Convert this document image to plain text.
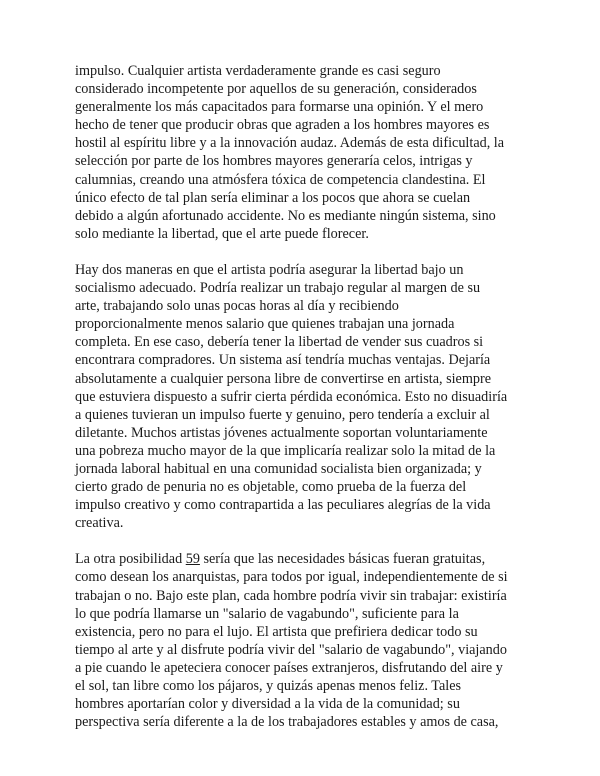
impulso. Cualquier artista verdaderamente grande es casi seguro
considerado incompetente por aquellos de su generación, considerados
generalmente los más capacitados para formarse una opinión. Y el mero
hecho de tener que producir obras que agraden a los hombres mayores es
hostil al espíritu libre y a la innovación audaz. Además de esta dificultad, la
selección por parte de los hombres mayores generaría celos, intrigas y
calumnias, creando una atmósfera tóxica de competencia clandestina. El
único efecto de tal plan sería eliminar a los pocos que ahora se cuelan
debido a algún afortunado accidente. No es mediante ningún sistema, sino
solo mediante la libertad, que el arte puede florecer.

Hay dos maneras en que el artista podría asegurar la libertad bajo un
socialismo adecuado. Podría realizar un trabajo regular al margen de su
arte, trabajando solo unas pocas horas al día y recibiendo
proporcionalmente menos salario que quienes trabajan una jornada
completa. En ese caso, debería tener la libertad de vender sus cuadros si
encontrara compradores. Un sistema así tendría muchas ventajas. Dejaría
absolutamente a cualquier persona libre de convertirse en artista, siempre
que estuviera dispuesto a sufrir cierta pérdida económica. Esto no disuadiría
a quienes tuvieran un impulso fuerte y genuino, pero tendería a excluir al
diletante. Muchos artistas jóvenes actualmente soportan voluntariamente
una pobreza mucho mayor de la que implicaría realizar solo la mitad de la
jornada laboral habitual en una comunidad socialista bien organizada; y
cierto grado de penuria no es objetable, como prueba de la fuerza del
impulso creativo y como contrapartida a las peculiares alegrías de la vida
creativa.

La otra posibilidad 59 sería que las necesidades básicas fueran gratuitas,
como desean los anarquistas, para todos por igual, independientemente de si
trabajan o no. Bajo este plan, cada hombre podría vivir sin trabajar: existiría
lo que podría llamarse un "salario de vagabundo", suficiente para la
existencia, pero no para el lujo. El artista que prefiriera dedicar todo su
tiempo al arte y al disfrute podría vivir del "salario de vagabundo", viajando
a pie cuando le apeteciera conocer países extranjeros, disfrutando del aire y
el sol, tan libre como los pájaros, y quizás apenas menos feliz. Tales
hombres aportarían color y diversidad a la vida de la comunidad; su
perspectiva sería diferente a la de los trabajadores estables y amos de casa,
